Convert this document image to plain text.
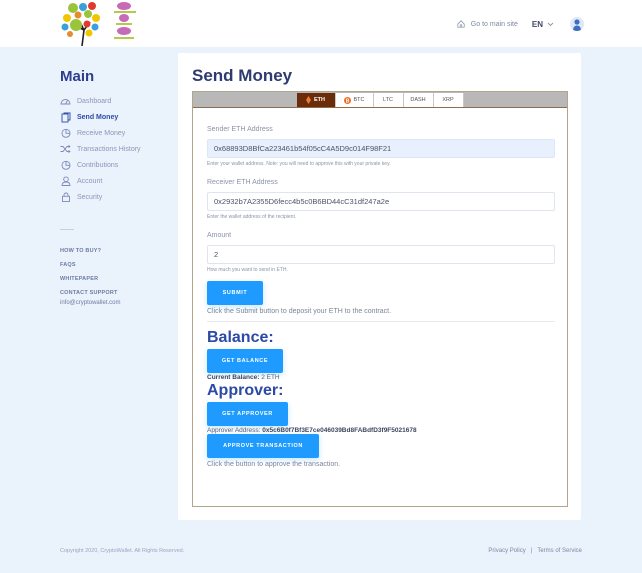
Go to main site EN
Main
Dashboard
Send Money
Receive Money
Transactions History
Contributions
Account
Security
HOW TO BUY?
FAQS
WHITEPAPER
CONTACT SUPPORT
info@cryptowallet.com
Send Money
ETH	B BTC	LTC	DASH	XRP
Sender ETH Address
0x68893D8BfCa223461b54f05cC4A5D9c014F98F21
Enter your wallet address. Note: you will need to approve this with your private key.
Receiver ETH Address
0x2932b7A2355D6fecc4b5c0B6BD44cC31df247a2e
Enter the wallet address of the recipient.
Amount
2
How much you want to send in ETH.
SUBMIT
Click the Submit button to deposit your ETH to the contract.
Balance:
GET BALANCE
Current Balance: 2 ETH
Approver:
GET APPROVER
Approver Address: 0x5c6B0f7Bf3E7ce046039Bd8FABdfD3f9F5021678
APPROVE TRANSACTION
Click the button to approve the transaction.
Copyright 2020, CryptoWallet. All Rights Reserved.	Privacy Policy | Terms of Service
